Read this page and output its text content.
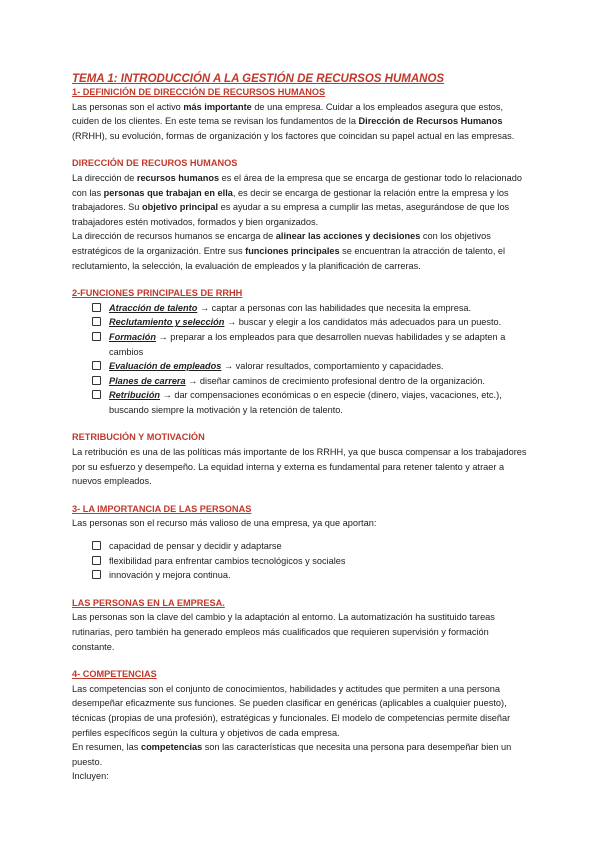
TEMA 1: INTRODUCCIÓN A LA GESTIÓN DE RECURSOS HUMANOS
1- DEFINICIÓN DE DIRECCIÓN DE RECURSOS HUMANOS

Las personas son el activo más importante de una empresa. Cuidar a los empleados asegura que estos, cuiden de los clientes. En este tema se revisan los fundamentos de la Dirección de Recursos Humanos (RRHH), su evolución, formas de organización y los factores que coincidan su papel actual en las empresas.

DIRECCIÓN DE RECUROS HUMANOS

La dirección de recursos humanos es el área de la empresa que se encarga de gestionar todo lo relacionado con las personas que trabajan en ella, es decir se encarga de gestionar la relación entre la empresa y los trabajadores. Su objetivo principal es ayudar a su empresa a cumplir las metas, asegurándose de que los trabajadores estén motivados, formados y bien organizados.

La dirección de recursos humanos se encarga de alinear las acciones y decisiones con los objetivos estratégicos de la organización. Entre sus funciones principales se encuentran la atracción de talento, el reclutamiento, la selección, la evaluación de empleados y la planificación de carreras.

2-FUNCIONES PRINCIPALES DE RRHH
Atracción de talento → captar a personas con las habilidades que necesita la empresa.
Reclutamiento y selección → buscar y elegir a los candidatos más adecuados para un puesto.
Formación → preparar a los empleados para que desarrollen nuevas habilidades y se adapten a cambios
Evaluación de empleados → valorar resultados, comportamiento y capacidades.
Planes de carrera → diseñar caminos de crecimiento profesional dentro de la organización.
Retribución → dar compensaciones económicas o en especie (dinero, viajes, vacaciones, etc.), buscando siempre la motivación y la retención de talento.
RETRIBUCIÓN Y MOTIVACIÓN

La retribución es una de las políticas más importante de los RRHH, ya que busca compensar a los trabajadores por su esfuerzo y desempeño. La equidad interna y externa es fundamental para retener talento y atraer a nuevos empleados.

3- LA IMPORTANCIA DE LAS PERSONAS

Las personas son el recurso más valioso de una empresa, ya que aportan:

capacidad de pensar y decidir y adaptarse
flexibilidad para enfrentar cambios tecnológicos y sociales
innovación y mejora continua.
LAS PERSONAS EN LA EMPRESA.

Las personas son la clave del cambio y la adaptación al entorno. La automatización ha sustituido tareas rutinarias, pero también ha generado empleos más cualificados que requieren supervisión y formación constante.

4- COMPETENCIAS

Las competencias son el conjunto de conocimientos, habilidades y actitudes que permiten a una persona desempeñar eficazmente sus funciones. Se pueden clasificar en genéricas (aplicables a cualquier puesto), técnicas (propias de una profesión), estratégicas y funcionales. El modelo de competencias permite diseñar perfiles específicos según la cultura y objetivos de cada empresa.

En resumen, las competencias son las características que necesita una persona para desempeñar bien un puesto.

Incluyen:
